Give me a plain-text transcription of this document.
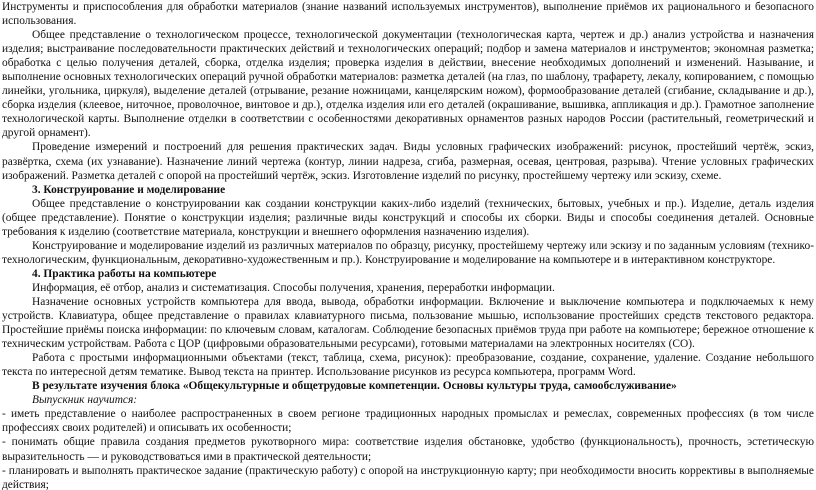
Инструменты и приспособления для обработки материалов (знание названий используемых инструментов), выполнение приёмов их рационального и безопасного использования.

Общее представление о технологическом процессе, технологической документации (технологическая карта, чертеж и др.) анализ устройства и назначения изделия; выстраивание последовательности практических действий и технологических операций; подбор и замена материалов и инструментов; экономная разметка; обработка с целью получения деталей, сборка, отделка изделия; проверка изделия в действии, внесение необходимых дополнений и изменений. Называние, и выполнение основных технологических операций ручной обработки материалов: разметка деталей (на глаз, по шаблону, трафарету, лекалу, копированием, с помощью линейки, угольника, циркуля), выделение деталей (отрывание, резание ножницами, канцелярским ножом), формообразование деталей (сгибание, складывание и др.), сборка изделия (клеевое, ниточное, проволочное, винтовое и др.), отделка изделия или его деталей (окрашивание, вышивка, аппликация и др.). Грамотное заполнение технологической карты. Выполнение отделки в соответствии с особенностями декоративных орнаментов разных народов России (растительный, геометрический и другой орнамент).

Проведение измерений и построений для решения практических задач. Виды условных графических изображений: рисунок, простейший чертёж, эскиз, развёртка, схема (их узнавание). Назначение линий чертежа (контур, линии надреза, сгиба, размерная, осевая, центровая, разрыва). Чтение условных графических изображений. Разметка деталей с опорой на простейший чертёж, эскиз. Изготовление изделий по рисунку, простейшему чертежу или эскизу, схеме.

3. Конструирование и моделирование

Общее представление о конструировании как создании конструкции каких-либо изделий (технических, бытовых, учебных и пр.). Изделие, деталь изделия (общее представление). Понятие о конструкции изделия; различные виды конструкций и способы их сборки. Виды и способы соединения деталей. Основные требования к изделию (соответствие материала, конструкции и внешнего оформления назначению изделия).

Конструирование и моделирование изделий из различных материалов по образцу, рисунку, простейшему чертежу или эскизу и по заданным условиям (технико-технологическим, функциональным, декоративно-художественным и пр.). Конструирование и моделирование на компьютере и в интерактивном конструкторе.

4. Практика работы на компьютере

Информация, её отбор, анализ и систематизация. Способы получения, хранения, переработки информации.

Назначение основных устройств компьютера для ввода, вывода, обработки информации. Включение и выключение компьютера и подключаемых к нему устройств. Клавиатура, общее представление о правилах клавиатурного письма, пользование мышью, использование простейших средств текстового редактора. Простейшие приёмы поиска информации: по ключевым словам, каталогам. Соблюдение безопасных приёмов труда при работе на компьютере; бережное отношение к техническим устройствам. Работа с ЦОР (цифровыми образовательными ресурсами), готовыми материалами на электронных носителях (СО).

Работа с простыми информационными объектами (текст, таблица, схема, рисунок): преобразование, создание, сохранение, удаление. Создание небольшого текста по интересной детям тематике. Вывод текста на принтер. Использование рисунков из ресурса компьютера, программ Word.

В результате изучения блока «Общекультурные и общетрудовые компетенции. Основы культуры труда, самообслуживание»

Выпускник научится:

- иметь представление о наиболее распространенных в своем регионе традиционных народных промыслах и ремеслах, современных профессиях (в том числе профессиях своих родителей) и описывать их особенности;

- понимать общие правила создания предметов рукотворного мира: соответствие изделия обстановке, удобство (функциональность), прочность, эстетическую выразительность — и руководствоваться ими в практической деятельности;

- планировать и выполнять практическое задание (практическую работу) с опорой на инструкционную карту; при необходимости вносить коррективы в выполняемые действия;
